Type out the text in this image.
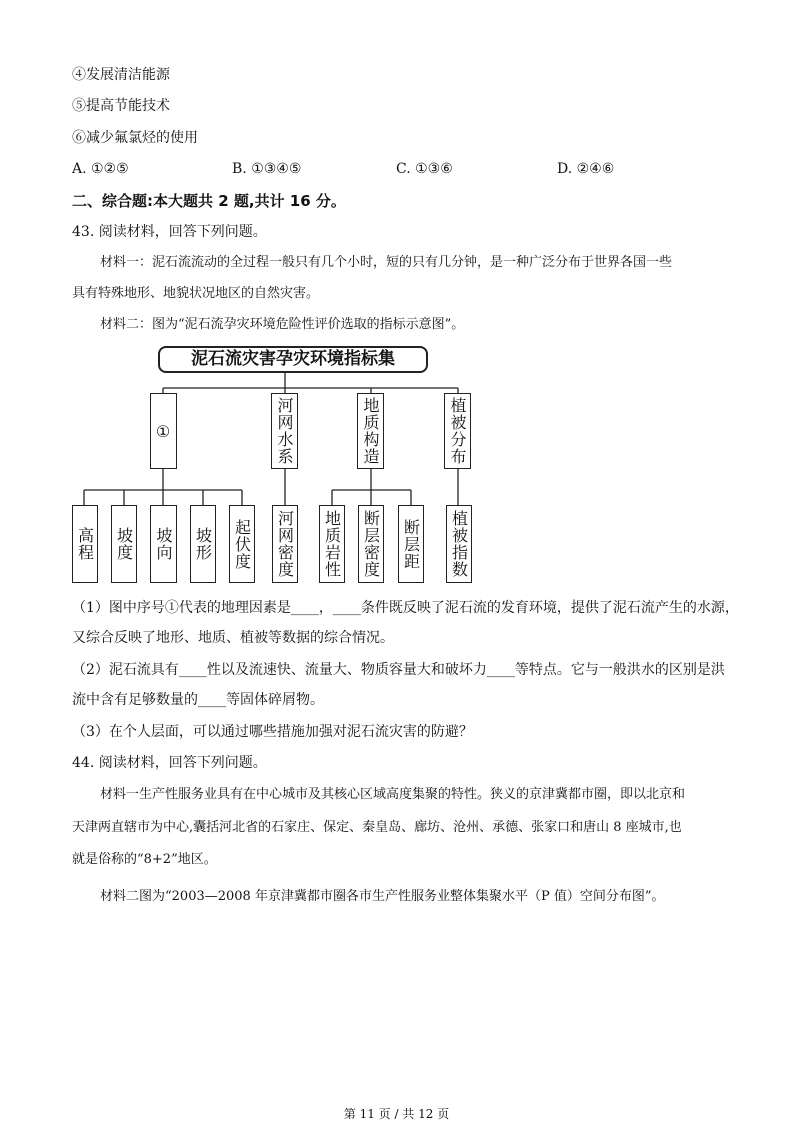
④发展清洁能源
⑤提高节能技术
⑥减少氟氯烃的使用
A. ①②⑤	B. ①③④⑤	C. ①③⑥	D. ②④⑥
二、综合题:本大题共 2 题,共计 16 分。
43. 阅读材料，回答下列问题。
材料一：泥石流流动的全过程一般只有几个小时，短的只有几分钟，是一种广泛分布于世界各国一些
具有特殊地形、地貌状况地区的自然灾害。
材料二：图为“泥石流孕灾环境危险性评价选取的指标示意图”。
泥石流灾害孕灾环境指标集
①	河网水系	地质构造	植被分布
高程 坡度 坡向 坡形 起伏度 河网密度 地质岩性 断层密度 断层距 植被指数
（1）图中序号①代表的地理因素是____，____条件既反映了泥石流的发育环境，提供了泥石流产生的水源，
又综合反映了地形、地质、植被等数据的综合情况。
（2）泥石流具有____性以及流速快、流量大、物质容量大和破坏力____等特点。它与一般洪水的区别是洪
流中含有足够数量的____等固体碎屑物。
（3）在个人层面，可以通过哪些措施加强对泥石流灾害的防避？
44. 阅读材料，回答下列问题。
材料一生产性服务业具有在中心城市及其核心区域高度集聚的特性。狭义的京津冀都市圈，即以北京和
天津两直辖市为中心,囊括河北省的石家庄、保定、秦皇岛、廊坊、沧州、承德、张家口和唐山 8 座城市,也
就是俗称的“8+2”地区。
材料二图为“2003—2008 年京津冀都市圈各市生产性服务业整体集聚水平（P 值）空间分布图”。
第 11 页 / 共 12 页
